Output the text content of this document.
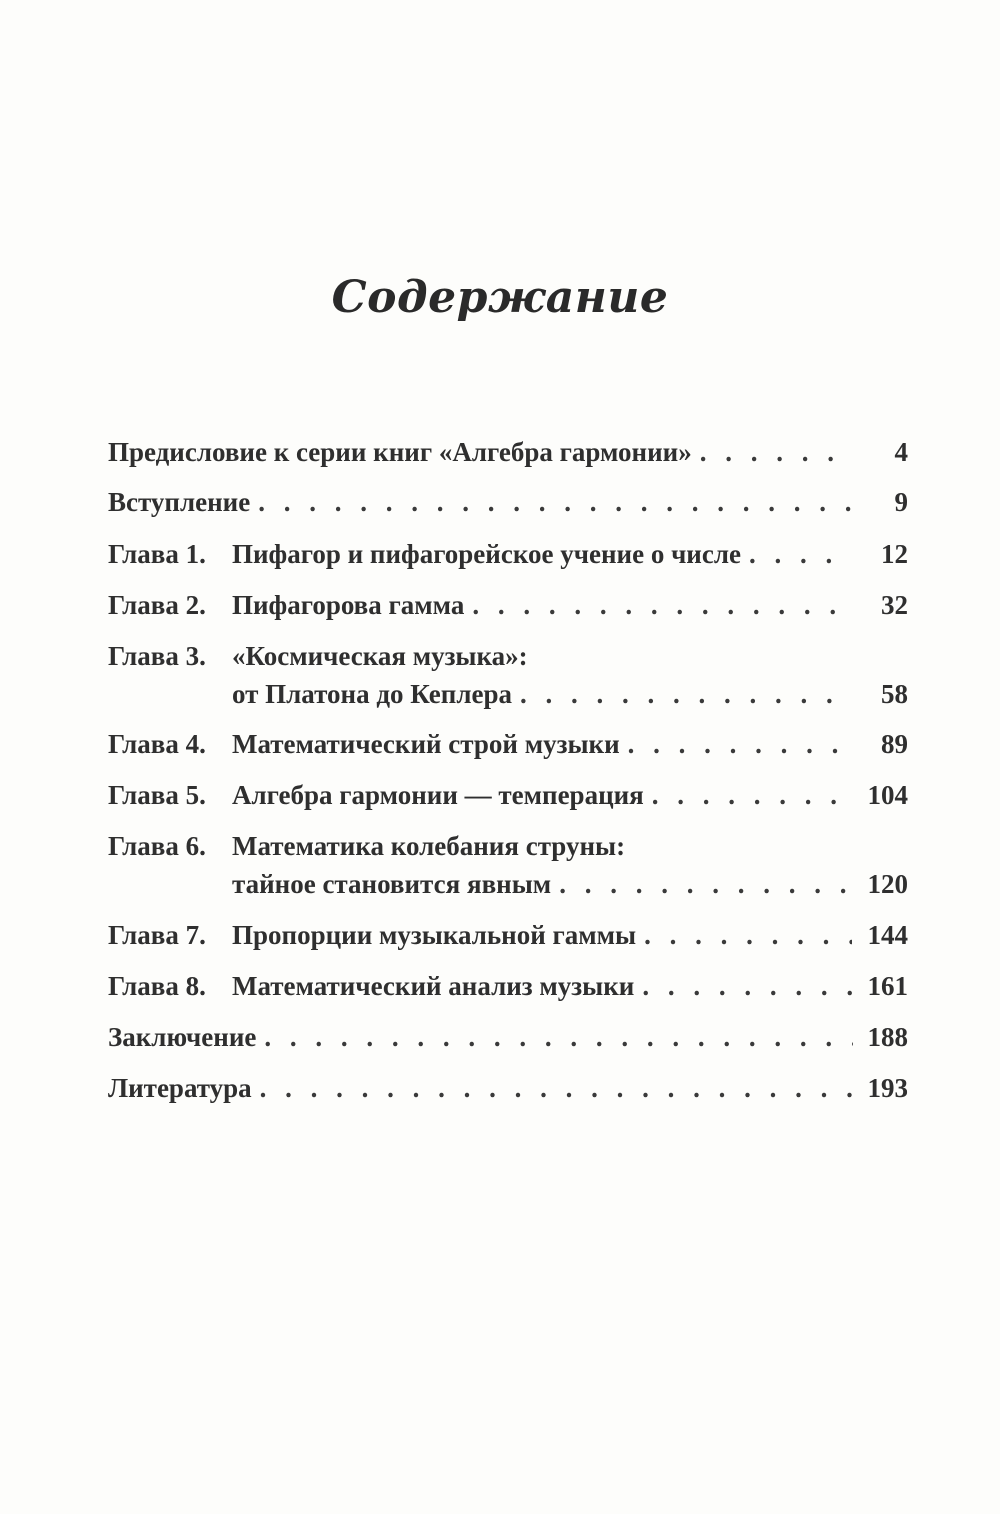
Содержание
Предисловие к серии книг «Алгебра гармонии» . . .	4
Вступление . . .	9
Глава 1. Пифагор и пифагорейское учение о числе . . .	12
Глава 2. Пифагорова гамма . . .	32
Глава 3. «Космическая музыка»:
от Платона до Кеплера . . .	58
Глава 4. Математический строй музыки . . .	89
Глава 5. Алгебра гармонии — темперация . . .	104
Глава 6. Математика колебания струны:
тайное становится явным . . .	120
Глава 7. Пропорции музыкальной гаммы . . .	144
Глава 8. Математический анализ музыки . . .	161
Заключение . . .	188
Литература . . .	193
